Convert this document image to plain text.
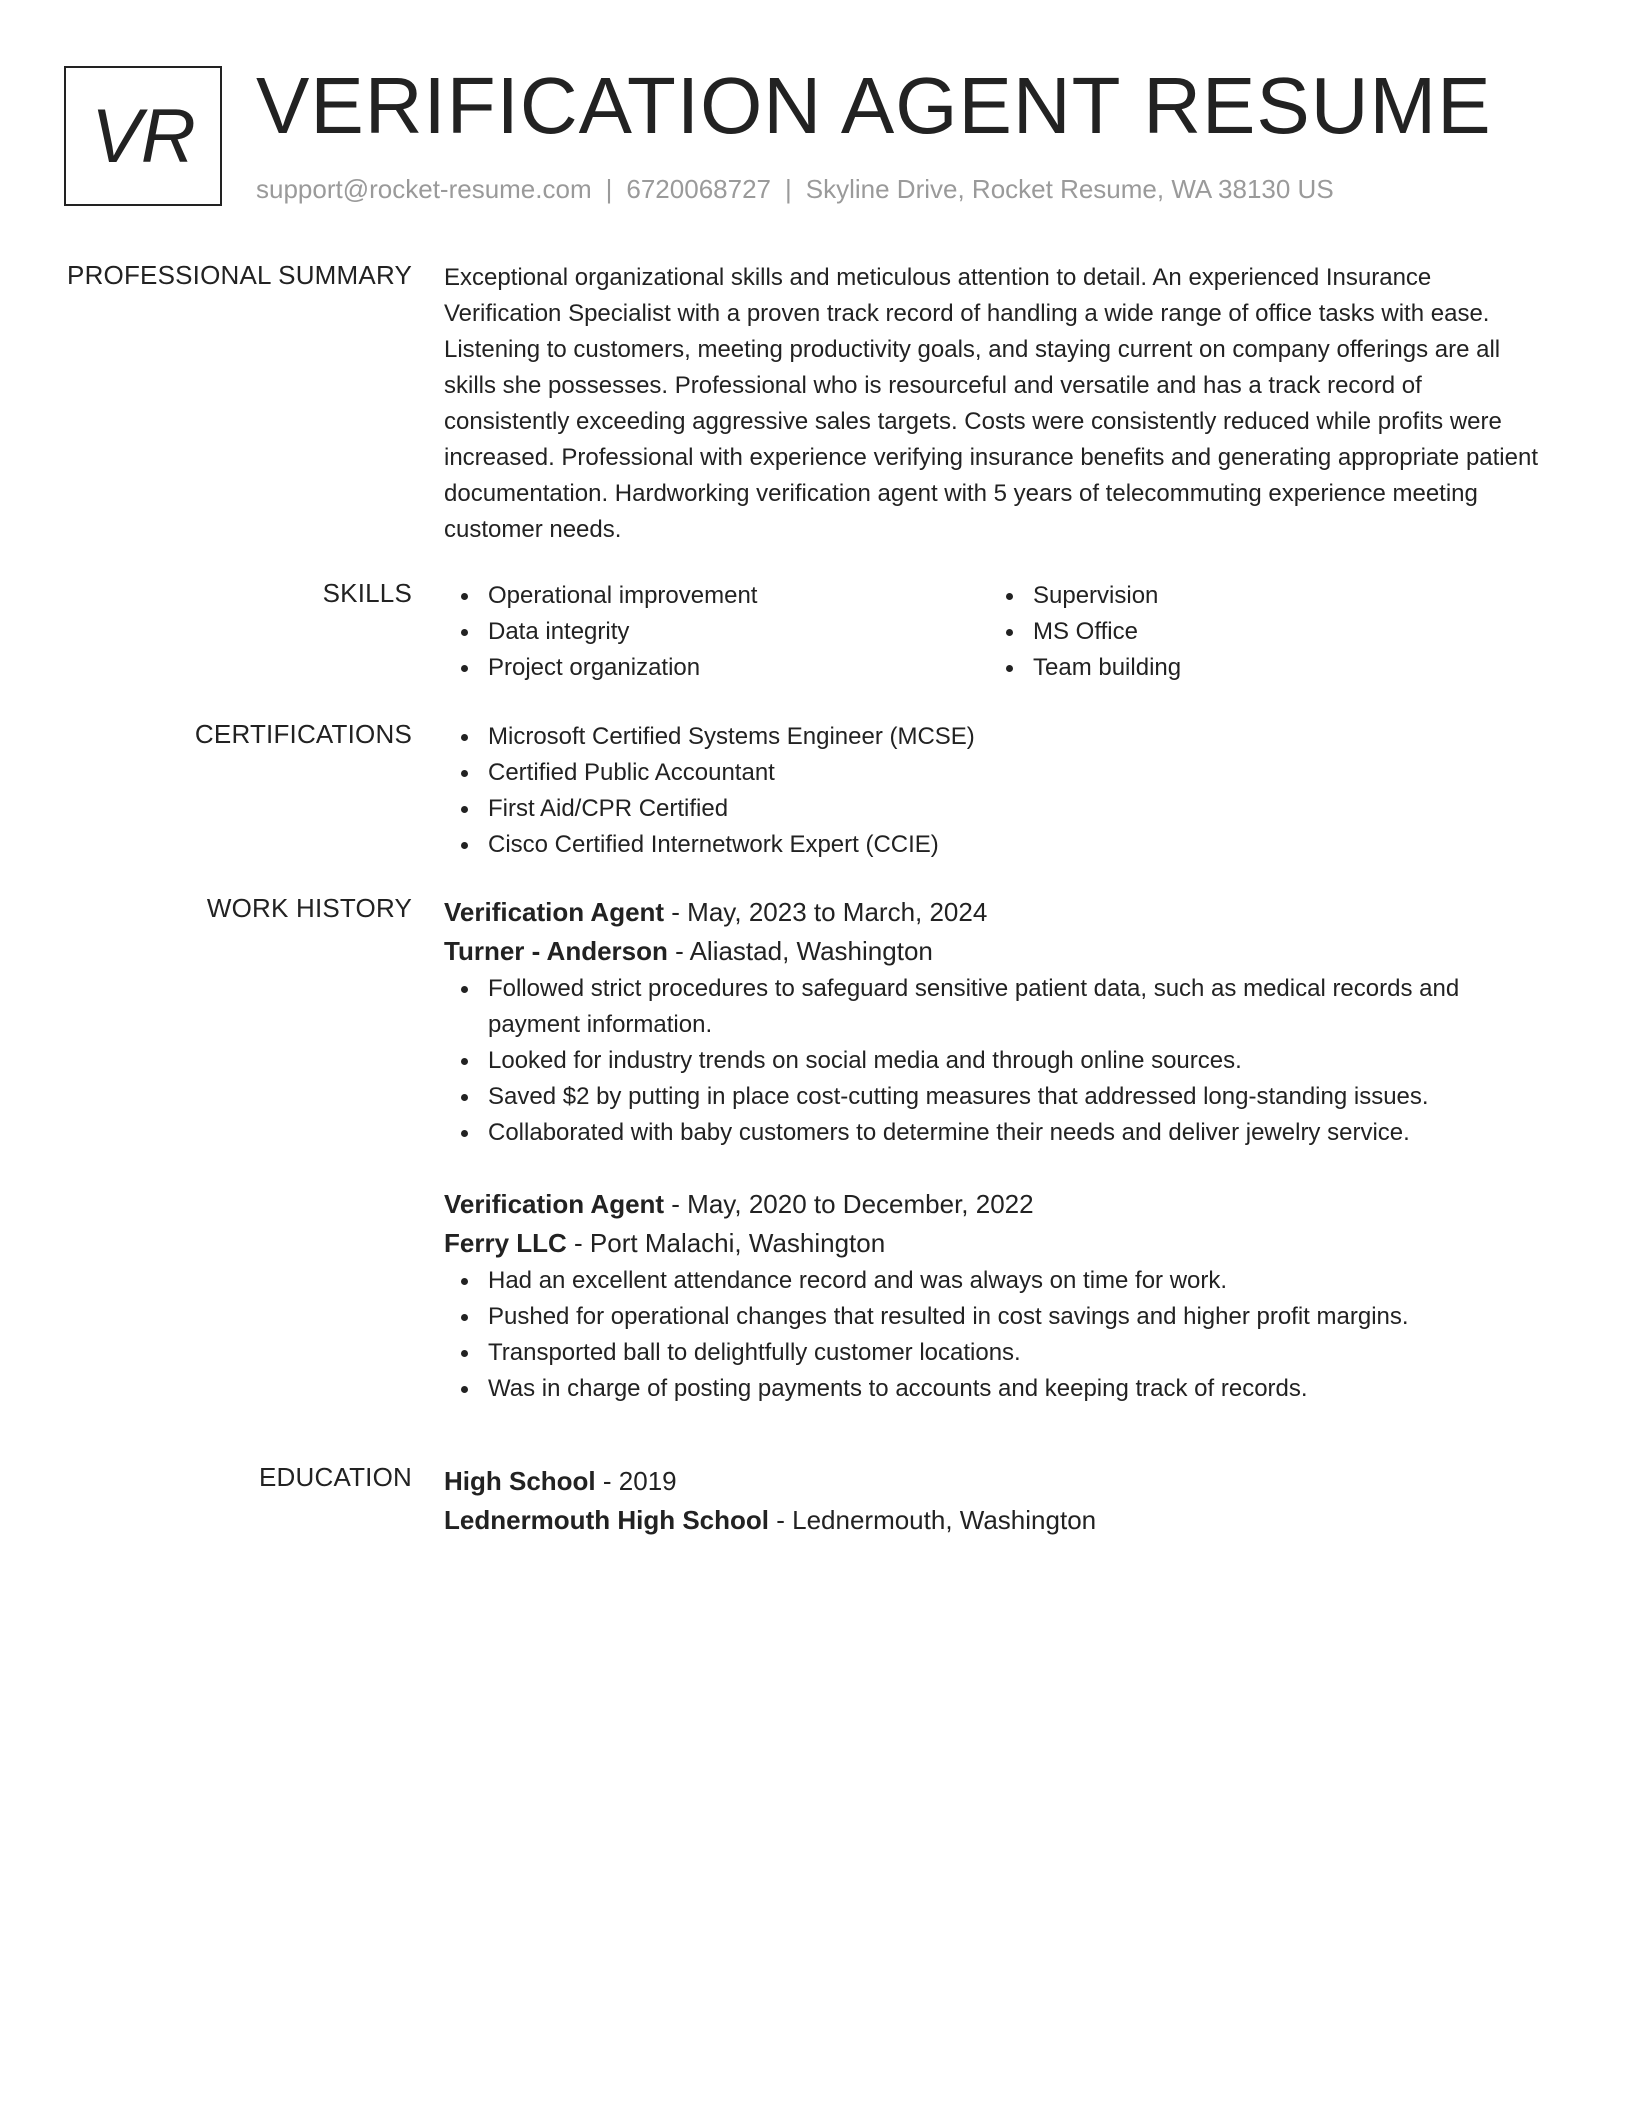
VR VERIFICATION AGENT RESUME
support@rocket-resume.com | 6720068727 | Skyline Drive, Rocket Resume, WA 38130 US
PROFESSIONAL SUMMARY Exceptional organizational skills and meticulous attention to detail. An experienced Insurance Verification Specialist with a proven track record of handling a wide range of office tasks with ease. Listening to customers, meeting productivity goals, and staying current on company offerings are all skills she possesses. Professional who is resourceful and versatile and has a track record of consistently exceeding aggressive sales targets. Costs were consistently reduced while profits were increased. Professional with experience verifying insurance benefits and generating appropriate patient documentation. Hardworking verification agent with 5 years of telecommuting experience meeting customer needs.

SKILLS	Operational improvement	Supervision
Data integrity	MS Office
Project organization	Team building
CERTIFICATIONS	Microsoft Certified Systems Engineer (MCSE)
Certified Public Accountant
First Aid/CPR Certified
Cisco Certified Internetwork Expert (CCIE)
WORK HISTORY Verification Agent - May, 2023 to March, 2024
Turner - Anderson - Aliastad, Washington
Followed strict procedures to safeguard sensitive patient data, such as medical records and payment information.
Looked for industry trends on social media and through online sources.
Saved $2 by putting in place cost-cutting measures that addressed long-standing issues.
Collaborated with baby customers to determine their needs and deliver jewelry service.
Verification Agent - May, 2020 to December, 2022
Ferry LLC - Port Malachi, Washington
Had an excellent attendance record and was always on time for work.
Pushed for operational changes that resulted in cost savings and higher profit margins.
Transported ball to delightfully customer locations.
Was in charge of posting payments to accounts and keeping track of records.
EDUCATION High School - 2019
Lednermouth High School - Lednermouth, Washington
